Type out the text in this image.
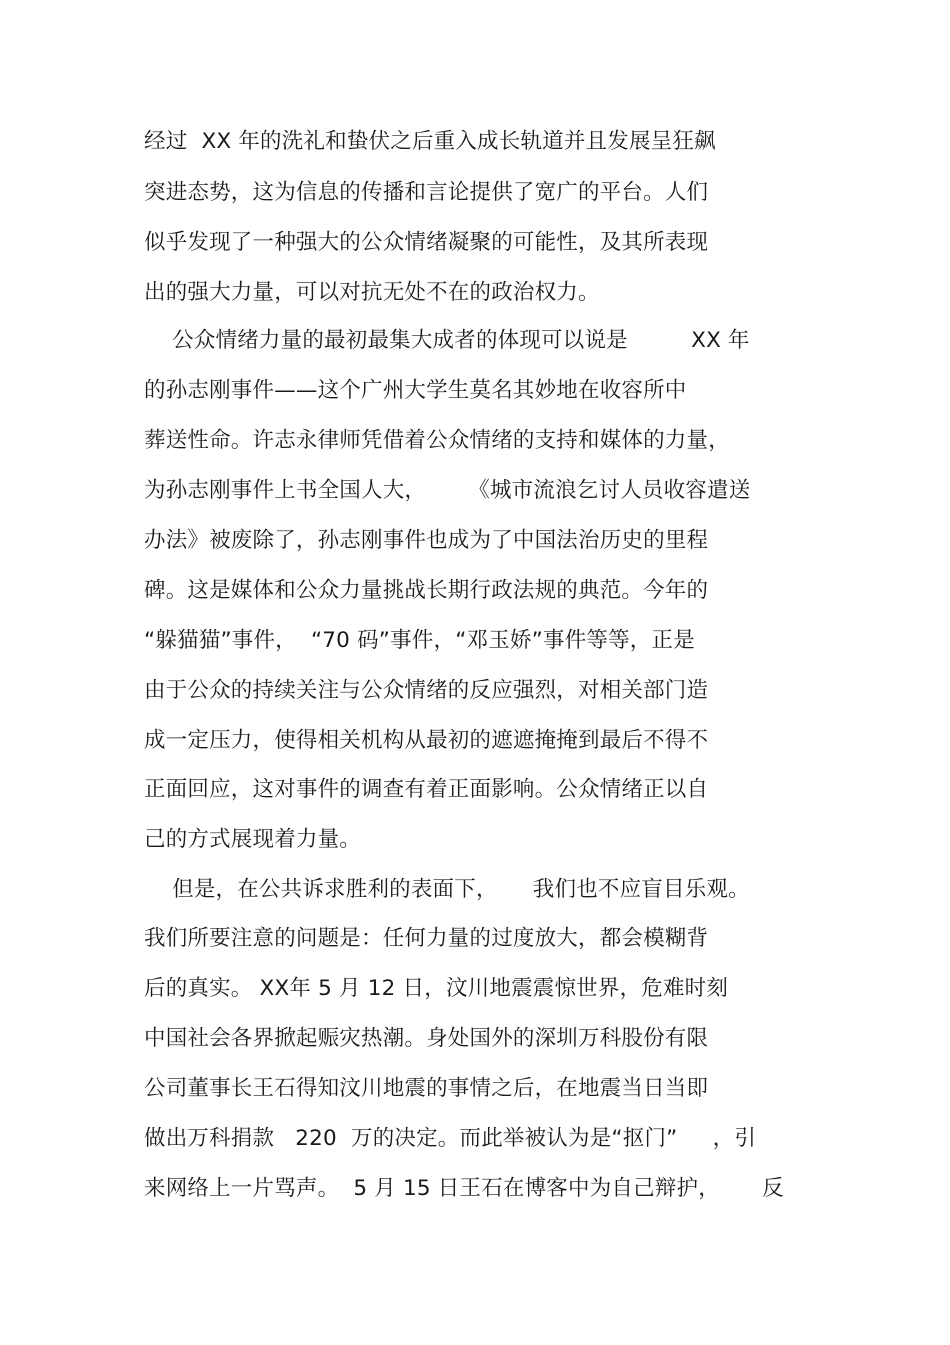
经过  XX 年的洗礼和蛰伏之后重入成长轨道并且发展呈狂飙
突进态势，这为信息的传播和言论提供了宽广的平台。人们
似乎发现了一种强大的公众情绪凝聚的可能性，及其所表现
出的强大力量，可以对抗无处不在的政治权力。
公众情绪力量的最初最集大成者的体现可以说是         XX 年
的孙志刚事件——这个广州大学生莫名其妙地在收容所中
葬送性命。许志永律师凭借着公众情绪的支持和媒体的力量，
为孙志刚事件上书全国人大，      《城市流浪乞讨人员收容遣送
办法》被废除了，孙志刚事件也成为了中国法治历史的里程
碑。这是媒体和公众力量挑战长期行政法规的典范。今年的
“躲猫猫”事件，  “70 码”事件，“邓玉娇”事件等等，正是
由于公众的持续关注与公众情绪的反应强烈，对相关部门造
成一定压力，使得相关机构从最初的遮遮掩掩到最后不得不
正面回应，这对事件的调查有着正面影响。公众情绪正以自
己的方式展现着力量。
但是，在公共诉求胜利的表面下，     我们也不应盲目乐观。
我们所要注意的问题是：任何力量的过度放大，都会模糊背
后的真实。 XX年 5 月 12 日，汶川地震震惊世界，危难时刻
中国社会各界掀起赈灾热潮。身处国外的深圳万科股份有限
公司董事长王石得知汶川地震的事情之后，在地震当日当即
做出万科捐款   220  万的决定。而此举被认为是“抠门”     ，引
来网络上一片骂声。  5 月 15 日王石在博客中为自己辩护，      反
